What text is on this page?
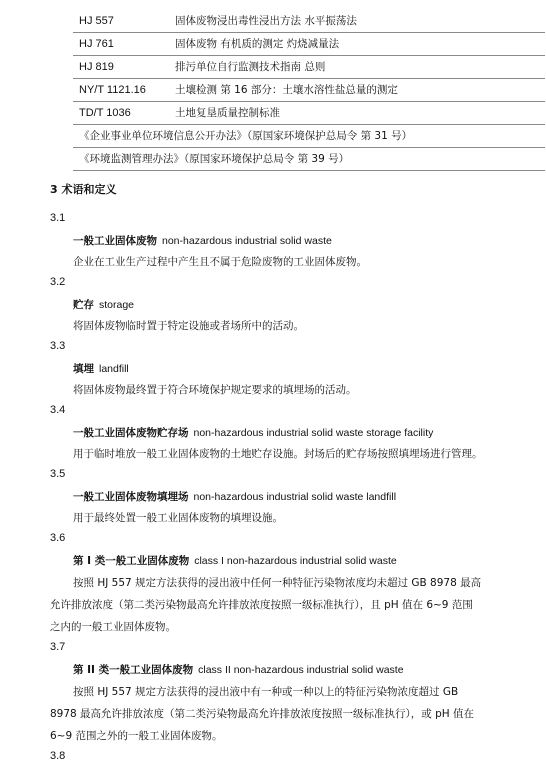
HJ 557	固体废物浸出毒性浸出方法 水平振荡法
HJ 761	固体废物 有机质的测定 灼烧减量法
HJ 819	排污单位自行监测技术指南 总则
NY/T 1121.16	土壤检测 第 16 部分：土壤水溶性盐总量的测定
TD/T 1036	土地复垦质量控制标准
《企业事业单位环境信息公开办法》（原国家环境保护总局令 第 31 号）
《环境监测管理办法》（原国家环境保护总局令 第 39 号）
3 术语和定义
3.1
一般工业固体废物 non-hazardous industrial solid waste
企业在工业生产过程中产生且不属于危险废物的工业固体废物。
3.2
贮存 storage
将固体废物临时置于特定设施或者场所中的活动。
3.3
填埋 landfill
将固体废物最终置于符合环境保护规定要求的填埋场的活动。
3.4
一般工业固体废物贮存场 non-hazardous industrial solid waste storage facility
用于临时堆放一般工业固体废物的土地贮存设施。封场后的贮存场按照填埋场进行管理。
3.5
一般工业固体废物填埋场 non-hazardous industrial solid waste landfill
用于最终处置一般工业固体废物的填埋设施。
3.6
第 I 类一般工业固体废物 class I non-hazardous industrial solid waste
按照 HJ 557 规定方法获得的浸出液中任何一种特征污染物浓度均未超过 GB 8978 最高
允许排放浓度（第二类污染物最高允许排放浓度按照一级标准执行），且 pH 值在 6~9 范围
之内的一般工业固体废物。
3.7
第 II 类一般工业固体废物 class II non-hazardous industrial solid waste
按照 HJ 557 规定方法获得的浸出液中有一种或一种以上的特征污染物浓度超过 GB
8978 最高允许排放浓度（第二类污染物最高允许排放浓度按照一级标准执行），或 pH 值在
6~9 范围之外的一般工业固体废物。
3.8
